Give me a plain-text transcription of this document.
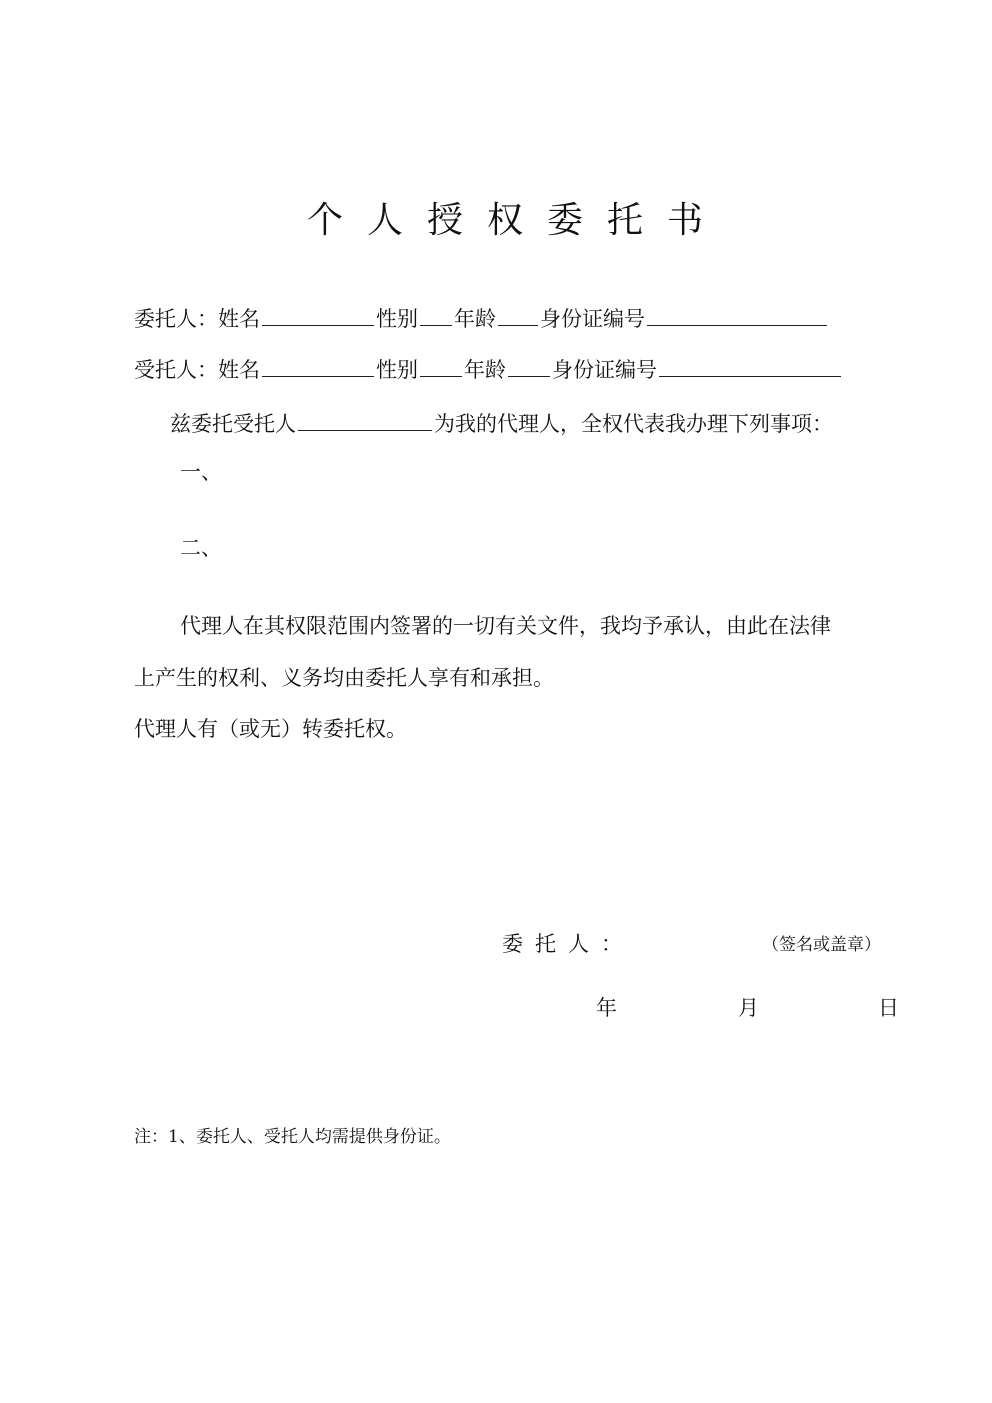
个人授权委托书
委托人：姓名	性别 年龄 身份证编号
受托人：姓名	性别 年龄 身份证编号
兹委托受托人	为我的代理人，全权代表我办理下列事项：
一、
二、
代理人在其权限范围内签署的一切有关文件，我均予承认，由此在法律
上产生的权利、义务均由委托人享有和承担。
代理人有（或无）转委托权。
委托人：	（签名或盖章）
年	月	日
注：1、委托人、受托人均需提供身份证。
